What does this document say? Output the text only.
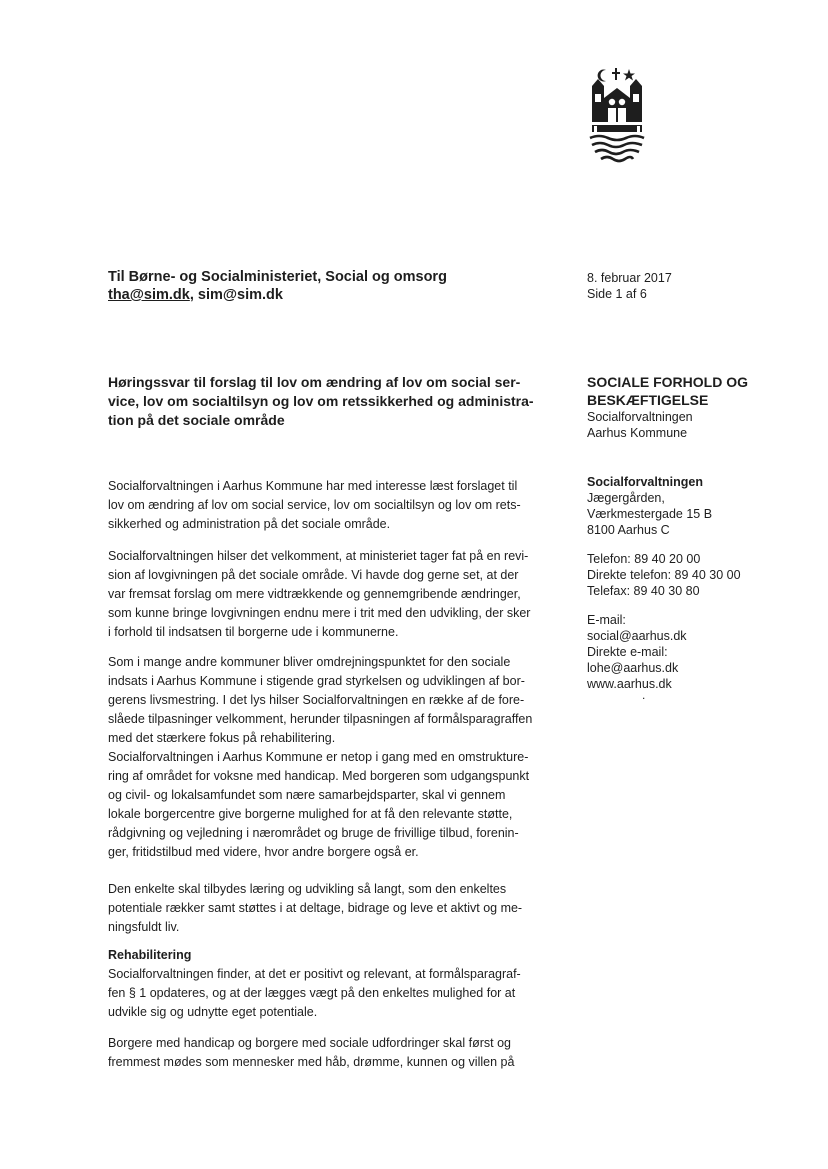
Til Børne- og Socialministeriet, Social og omsorg
tha@sim.dk, sim@sim.dk
8. februar 2017
Side 1 af 6
Høringssvar til forslag til lov om ændring af lov om social ser-
vice, lov om socialtilsyn og lov om retssikkerhed og administra-
tion på det sociale område
SOCIALE FORHOLD OG
BESKÆFTIGELSE
Socialforvaltningen
Aarhus Kommune
Socialforvaltningen
Jægergården,
Værkmestergade 15 B
8100 Aarhus C
Telefon: 89 40 20 00
Direkte telefon: 89 40 30 00
Telefax: 89 40 30 80
E-mail:
social@aarhus.dk
Direkte e-mail:
lohe@aarhus.dk
www.aarhus.dk
.
Socialforvaltningen i Aarhus Kommune har med interesse læst forslaget til
lov om ændring af lov om social service, lov om socialtilsyn og lov om rets-
sikkerhed og administration på det sociale område.
Socialforvaltningen hilser det velkomment, at ministeriet tager fat på en revi-
sion af lovgivningen på det sociale område. Vi havde dog gerne set, at der
var fremsat forslag om mere vidtrækkende og gennemgribende ændringer,
som kunne bringe lovgivningen endnu mere i trit med den udvikling, der sker
i forhold til indsatsen til borgerne ude i kommunerne.
Som i mange andre kommuner bliver omdrejningspunktet for den sociale
indsats i Aarhus Kommune i stigende grad styrkelsen og udviklingen af bor-
gerens livsmestring. I det lys hilser Socialforvaltningen en række af de fore-
slåede tilpasninger velkomment, herunder tilpasningen af formålsparagraffen
med det stærkere fokus på rehabilitering.
Socialforvaltningen i Aarhus Kommune er netop i gang med en omstrukture-
ring af området for voksne med handicap. Med borgeren som udgangspunkt
og civil- og lokalsamfundet som nære samarbejdsparter, skal vi gennem
lokale borgercentre give borgerne mulighed for at få den relevante støtte,
rådgivning og vejledning i nærområdet og bruge de frivillige tilbud, forenin-
ger, fritidstilbud med videre, hvor andre borgere også er.
Den enkelte skal tilbydes læring og udvikling så langt, som den enkeltes
potentiale rækker samt støttes i at deltage, bidrage og leve et aktivt og me-
ningsfuldt liv.
Rehabilitering
Socialforvaltningen finder, at det er positivt og relevant, at formålsparagraf-
fen § 1 opdateres, og at der lægges vægt på den enkeltes mulighed for at
udvikle sig og udnytte eget potentiale.
Borgere med handicap og borgere med sociale udfordringer skal først og
fremmest mødes som mennesker med håb, drømme, kunnen og villen på
